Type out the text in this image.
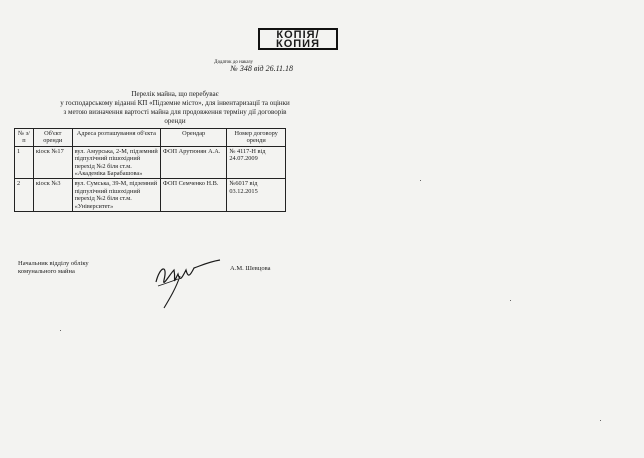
КОПІЯ/
КОПИЯ
Додаток до наказу
№ 348 від 26.11.18
Перелік майна, що перебуває
у господарському віданні КП «Підземне місто», для інвентаризації та оцінки
з метою визначення вартості майна для продовження терміну дії договорів
оренди
№ з/п	Об'єкт оренди	Адреса розташування об'єкта	Орендар	Номер договору оренди
1	кіоск №17	вул. Амурська, 2-М, підземний підпулічний пішохідний перехід №2 біля ст.м. «Академіка Барабашова»	ФОП Арутюнян А.А.	№ 4117-Н від 24.07.2009
2	кіоск №3	вул. Сумська, 39-М, підземний підпулічний пішохідний перехід №2 біля ст.м. «Університет»	ФОП Семченко Н.В.	№6017 від 03.12.2015
Начальник відділу обліку комунального майна	А.М. Шевцова
